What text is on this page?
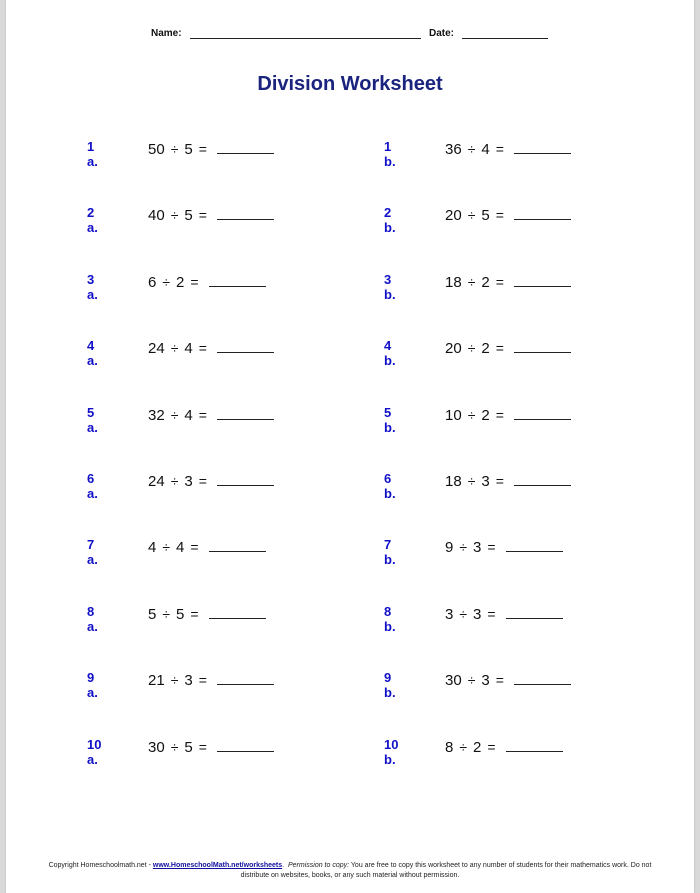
Name:	Date:
Division Worksheet
1 a.
50 ÷ 5 =
2 a.
40 ÷ 5 =
3 a.
6 ÷ 2 =
4 a.
24 ÷ 4 =
5 a.
32 ÷ 4 =
6 a.
24 ÷ 3 =
7 a.
4 ÷ 4 =
8 a.
5 ÷ 5 =
9 a.
21 ÷ 3 =
10 a.
30 ÷ 5 =
1 b.
36 ÷ 4 =
2 b.
20 ÷ 5 =
3 b.
18 ÷ 2 =
4 b.
20 ÷ 2 =
5 b.
10 ÷ 2 =
6 b.
18 ÷ 3 =
7 b.
9 ÷ 3 =
8 b.
3 ÷ 3 =
9 b.
30 ÷ 3 =
10 b.
8 ÷ 2 =
Copyright Homeschoolmath.net - www.HomeschoolMath.net/worksheets.  Permission to copy: You are free to copy this worksheet to any number of students for their mathematics work. Do not distribute on websites, books, or any such material without permission.
